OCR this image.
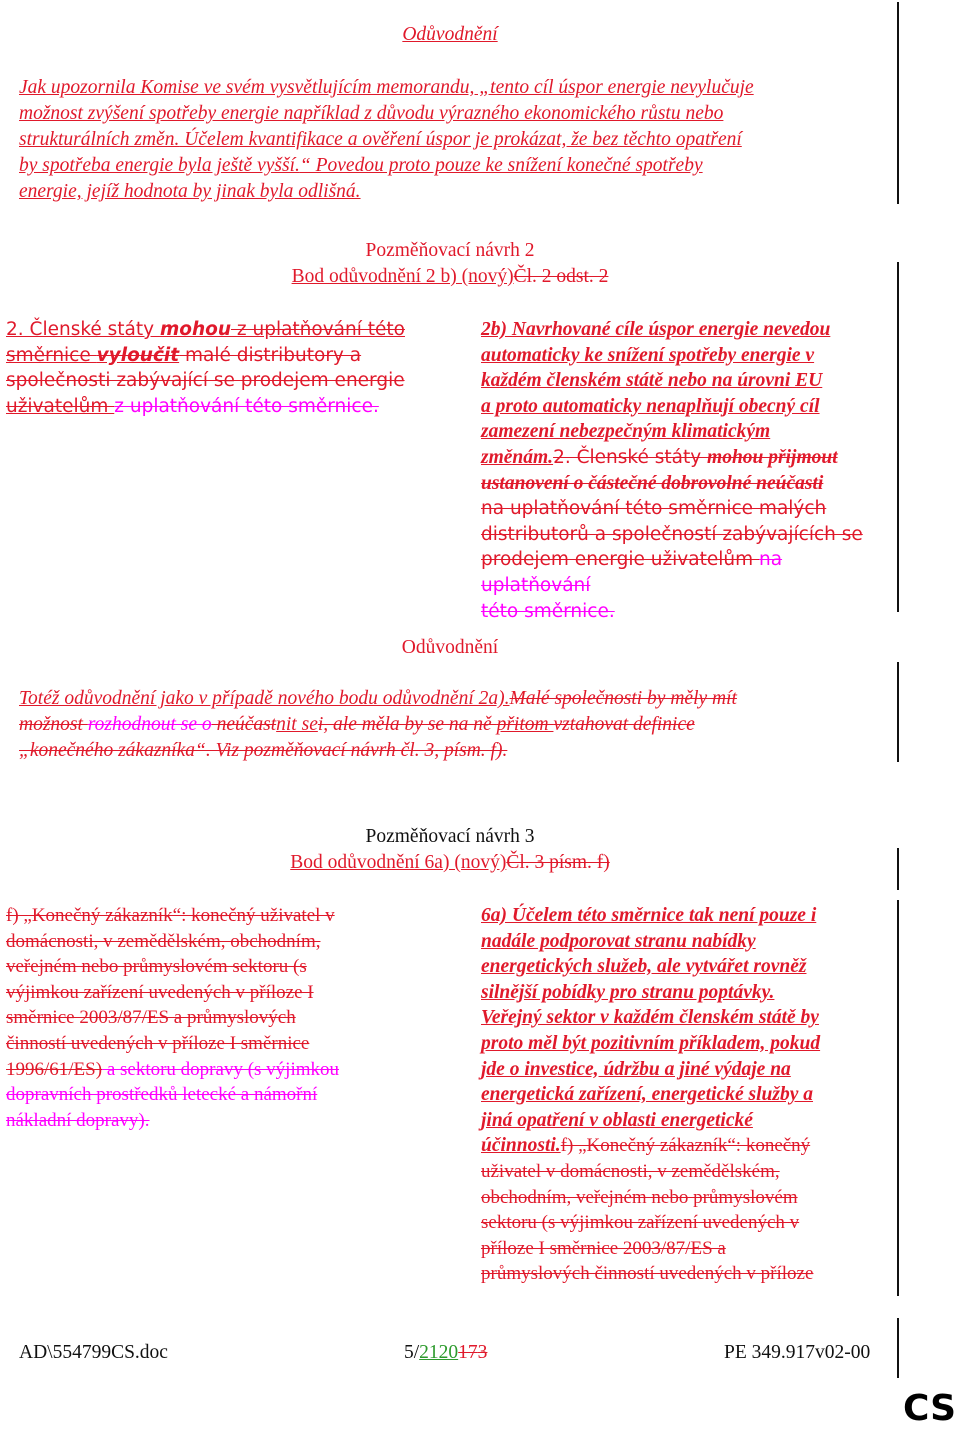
Odůvodnění
Jak upozornila Komise ve svém vysvětlujícím memorandu, „tento cíl úspor energie nevylučuje
možnost zvýšení spotřeby energie například z důvodu výrazného ekonomického růstu nebo
strukturálních změn. Účelem kvantifikace a ověření úspor je prokázat, že bez těchto opatření
by spotřeba energie byla ještě vyšší.“ Povedou proto pouze ke snížení konečné spotřeby
energie, jejíž hodnota by jinak byla odlišná.
Pozměňovací návrh 2
Bod odůvodnění 2 b) (nový)Čl. 2 odst. 2
2. Členské státy mohou z uplatňování této
směrnice vyloučit malé distributory a
společnosti zabývající se prodejem energie
uživatelům z uplatňování této směrnice.
2b) Navrhované cíle úspor energie nevedou
automaticky ke snížení spotřeby energie v
každém členském státě nebo na úrovni EU
a proto automaticky nenaplňují obecný cíl
zamezení nebezpečným klimatickým
změnám.2. Členské státy mohou přijmout
ustanovení o částečné dobrovolné neúčasti
na uplatňování této směrnice malých
distributorů a společností zabývajících se
prodejem energie uživatelům na uplatňování
této směrnice.
Odůvodnění
Totéž odůvodnění jako v případě nového bodu odůvodnění 2a).Malé společnosti by měly mít
možnost rozhodnout se o neúčastnit sei, ale měla by se na ně přitom vztahovat definice
„konečného zákazníka“. Viz pozměňovací návrh čl. 3, písm. f).
Pozměňovací návrh 3
Bod odůvodnění 6a) (nový)Čl. 3 písm. f)
f) „Konečný zákazník“: konečný uživatel v
domácnosti, v zemědělském, obchodním,
veřejném nebo průmyslovém sektoru (s
výjimkou zařízení uvedených v příloze I
směrnice 2003/87/ES a průmyslových
činností uvedených v příloze I směrnice
1996/61/ES) a sektoru dopravy (s výjimkou
dopravních prostředků letecké a námořní
nákladní dopravy).
6a) Účelem této směrnice tak není pouze i
nadále podporovat stranu nabídky
energetických služeb, ale vytvářet rovněž
silnější pobídky pro stranu poptávky.
Veřejný sektor v každém členském státě by
proto měl být pozitivním příkladem, pokud
jde o investice, údržbu a jiné výdaje na
energetická zařízení, energetické služby a
jiná opatření v oblasti energetické
účinnosti.f) „Konečný zákazník“: konečný
uživatel v domácnosti, v zemědělském,
obchodním, veřejném nebo průmyslovém
sektoru (s výjimkou zařízení uvedených v
příloze I směrnice 2003/87/ES a
průmyslových činností uvedených v příloze
AD\554799CS.doc	5/2120173	PE 349.917v02-00
CS
